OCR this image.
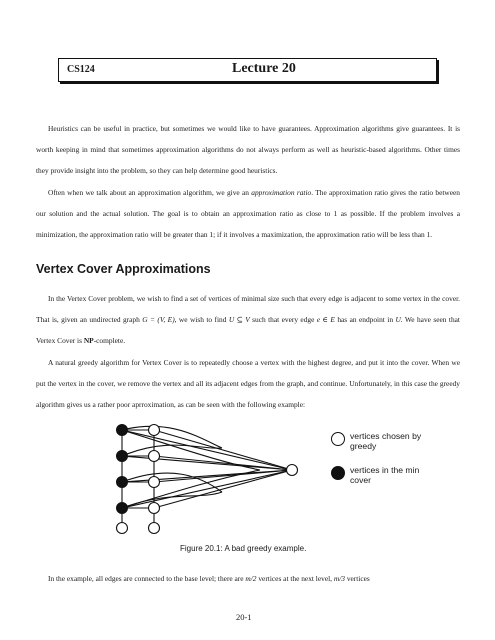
CS124	Lecture 20

Heuristics can be useful in practice, but sometimes we would like to have guarantees. Approximation algorithms give guarantees. It is worth keeping in mind that sometimes approximation algorithms do not always perform as well as heuristic-based algorithms. Other times they provide insight into the problem, so they can help determine good heuristics.

Often when we talk about an approximation algorithm, we give an approximation ratio. The approximation ratio gives the ratio between our solution and the actual solution. The goal is to obtain an approximation ratio as close to 1 as possible. If the problem involves a minimization, the approximation ratio will be greater than 1; if it involves a maximization, the approximation ratio will be less than 1.

Vertex Cover Approximations

In the Vertex Cover problem, we wish to find a set of vertices of minimal size such that every edge is adjacent to some vertex in the cover. That is, given an undirected graph G = (V, E), we wish to find U ⊆ V such that every edge e ∈ E has an endpoint in U. We have seen that Vertex Cover is NP-complete.

A natural greedy algorithm for Vertex Cover is to repeatedly choose a vertex with the highest degree, and put it into the cover. When we put the vertex in the cover, we remove the vertex and all its adjacent edges from the graph, and continue. Unfortunately, in this case the greedy algorithm gives us a rather poor aprroximation, as can be seen with the following example:

vertices chosen by greedy
vertices in the min cover
Figure 20.1: A bad greedy example.

In the example, all edges are connected to the base level; there are m/2 vertices at the next level, m/3 vertices

20-1
